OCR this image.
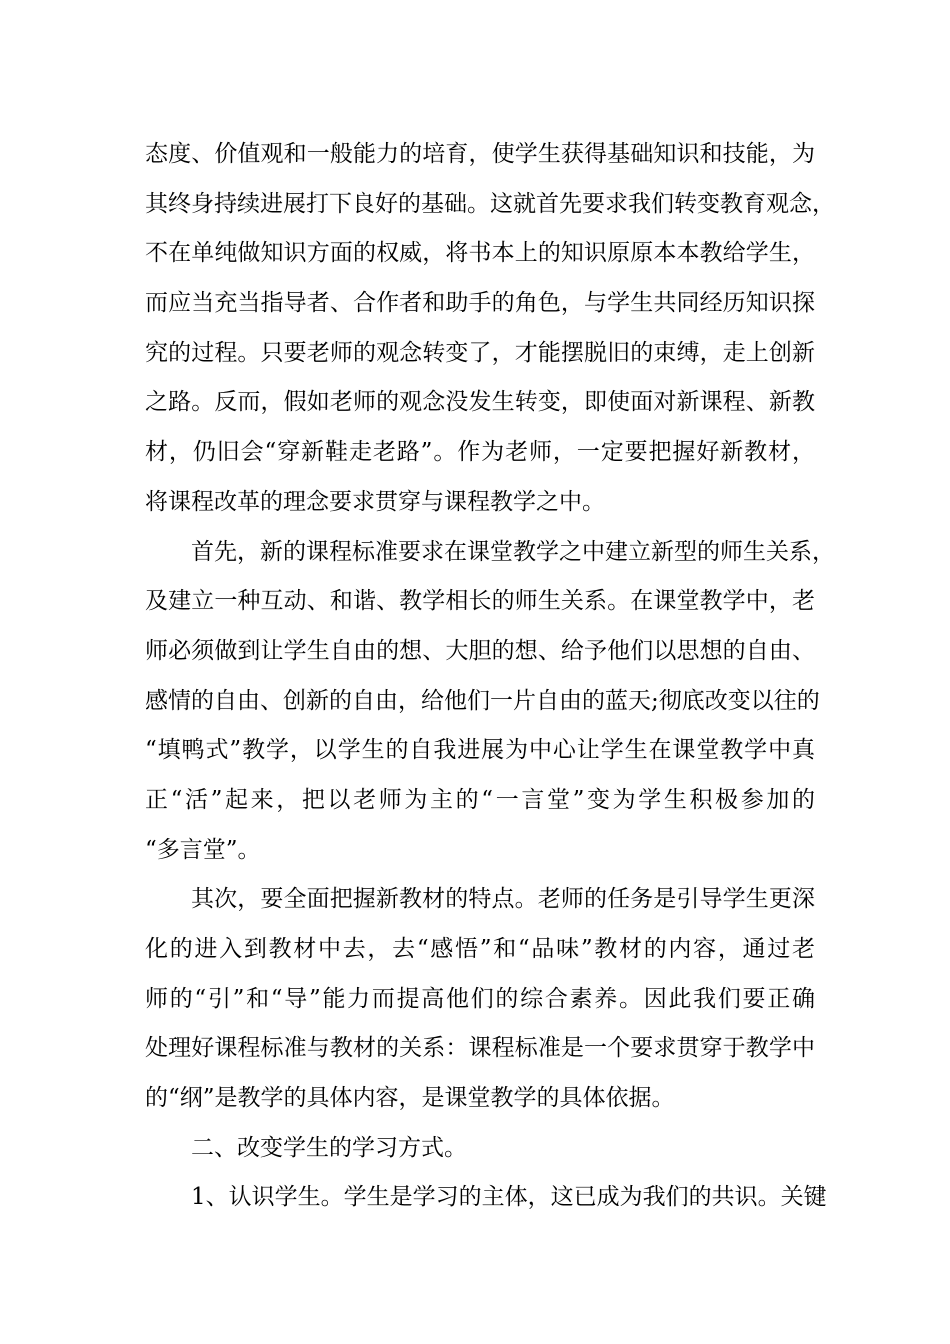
态度、价值观和一般能力的培育，使学生获得基础知识和技能，为
其终身持续进展打下良好的基础。这就首先要求我们转变教育观念，
不在单纯做知识方面的权威，将书本上的知识原原本本教给学生，
而应当充当指导者、合作者和助手的角色，与学生共同经历知识探
究的过程。只要老师的观念转变了，才能摆脱旧的束缚，走上创新
之路。反而，假如老师的观念没发生转变，即使面对新课程、新教
材，仍旧会“穿新鞋走老路”。作为老师，一定要把握好新教材，
将课程改革的理念要求贯穿与课程教学之中。
首先，新的课程标准要求在课堂教学之中建立新型的师生关系，
及建立一种互动、和谐、教学相长的师生关系。在课堂教学中，老
师必须做到让学生自由的想、大胆的想、给予他们以思想的自由、
感情的自由、创新的自由，给他们一片自由的蓝天;彻底改变以往的
“填鸭式”教学，以学生的自我进展为中心让学生在课堂教学中真
正“活”起来，把以老师为主的“一言堂”变为学生积极参加的
“多言堂”。
其次，要全面把握新教材的特点。老师的任务是引导学生更深
化的进入到教材中去，去“感悟”和“品味”教材的内容，通过老
师的“引”和“导”能力而提高他们的综合素养。因此我们要正确
处理好课程标准与教材的关系：课程标准是一个要求贯穿于教学中
的“纲”是教学的具体内容，是课堂教学的具体依据。
二、改变学生的学习方式。
1、认识学生。学生是学习的主体，这已成为我们的共识。关键
